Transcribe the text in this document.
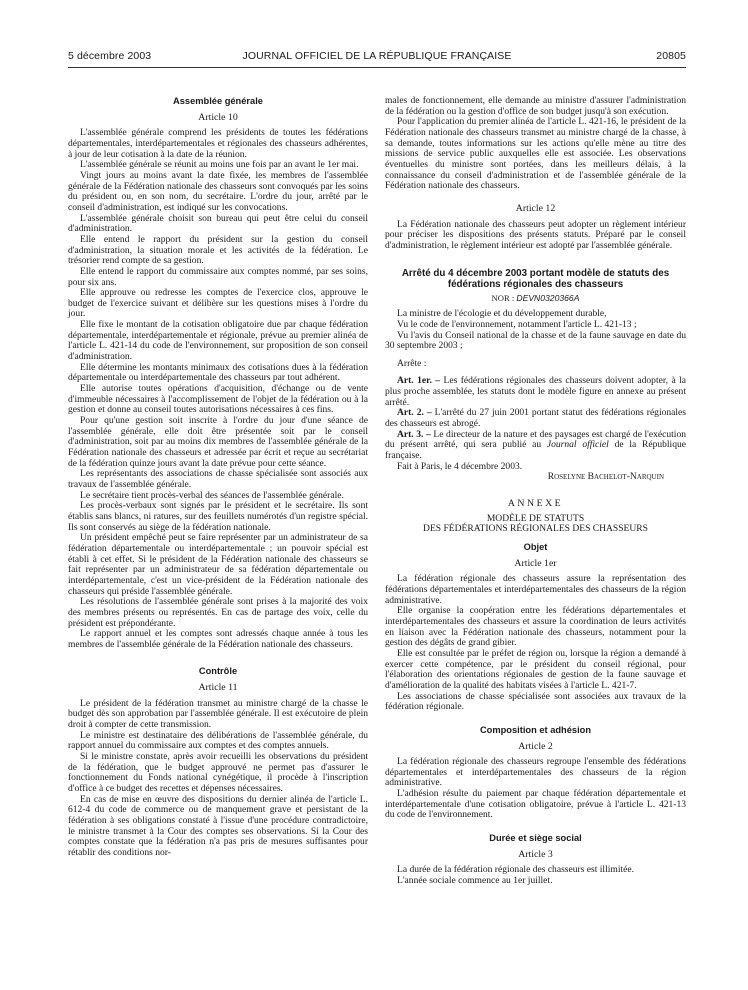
5 décembre 2003	JOURNAL OFFICIEL DE LA RÉPUBLIQUE FRANÇAISE	20805
Assemblée générale
Article 10

L'assemblée générale comprend les présidents de toutes les fédérations départementales, interdépartementales et régionales des chasseurs adhérentes, à jour de leur cotisation à la date de la réunion.

L'assemblée générale se réunit au moins une fois par an avant le 1er mai.

Vingt jours au moins avant la date fixée, les membres de l'assemblée générale de la Fédération nationale des chasseurs sont convoqués par les soins du président ou, en son nom, du secrétaire. L'ordre du jour, arrêté par le conseil d'administration, est indiqué sur les convocations.

L'assemblée générale choisit son bureau qui peut être celui du conseil d'administration.

Elle entend le rapport du président sur la gestion du conseil d'administration, la situation morale et les activités de la fédération. Le trésorier rend compte de sa gestion.

Elle entend le rapport du commissaire aux comptes nommé, par ses soins, pour six ans.

Elle approuve ou redresse les comptes de l'exercice clos, approuve le budget de l'exercice suivant et délibère sur les questions mises à l'ordre du jour.

Elle fixe le montant de la cotisation obligatoire due par chaque fédération départementale, interdépartementale et régionale, prévue au premier alinéa de l'article L. 421-14 du code de l'environnement, sur proposition de son conseil d'administration.

Elle détermine les montants minimaux des cotisations dues à la fédération départementale ou interdépartementale des chasseurs par tout adhérent.

Elle autorise toutes opérations d'acquisition, d'échange ou de vente d'immeuble nécessaires à l'accomplissement de l'objet de la fédération ou à la gestion et donne au conseil toutes autorisations nécessaires à ces fins.

Pour qu'une gestion soit inscrite à l'ordre du jour d'une séance de l'assemblée générale, elle doit être présentée soit par le conseil d'administration, soit par au moins dix membres de l'assemblée générale de la Fédération nationale des chasseurs et adressée par écrit et reçue au secrétariat de la fédération quinze jours avant la date prévue pour cette séance.

Les représentants des associations de chasse spécialisée sont associés aux travaux de l'assemblée générale.

Le secrétaire tient procès-verbal des séances de l'assemblée générale.

Les procès-verbaux sont signés par le président et le secrétaire. Ils sont établis sans blancs, ni ratures, sur des feuillets numérotés d'un registre spécial. Ils sont conservés au siège de la fédération nationale.

Un président empêché peut se faire représenter par un administrateur de sa fédération départementale ou interdépartementale ; un pouvoir spécial est établi à cet effet. Si le président de la Fédération nationale des chasseurs se fait représenter par un administrateur de sa fédération départementale ou interdépartementale, c'est un vice-président de la Fédération nationale des chasseurs qui préside l'assemblée générale.

Les résolutions de l'assemblée générale sont prises à la majorité des voix des membres présents ou représentés. En cas de partage des voix, celle du président est prépondérante.

Le rapport annuel et les comptes sont adressés chaque année à tous les membres de l'assemblée générale de la Fédération nationale des chasseurs.

Contrôle
Article 11

Le président de la fédération transmet au ministre chargé de la chasse le budget dès son approbation par l'assemblée générale. Il est exécutoire de plein droit à compter de cette transmission.

Le ministre est destinataire des délibérations de l'assemblée générale, du rapport annuel du commissaire aux comptes et des comptes annuels.

Si le ministre constate, après avoir recueilli les observations du président de la fédération, que le budget approuvé ne permet pas d'assurer le fonctionnement du Fonds national cynégétique, il procède à l'inscription d'office à ce budget des recettes et dépenses nécessaires.

En cas de mise en œuvre des dispositions du dernier alinéa de l'article L. 612-4 du code de commerce ou de manquement grave et persistant de la fédération à ses obligations constaté à l'issue d'une procédure contradictoire, le ministre transmet à la Cour des comptes ses observations. Si la Cour des comptes constate que la fédération n'a pas pris de mesures suffisantes pour rétablir des conditions nor-

males de fonctionnement, elle demande au ministre d'assurer l'administration de la fédération ou la gestion d'office de son budget jusqu'à son exécution.

Pour l'application du premier alinéa de l'article L. 421-16, le président de la Fédération nationale des chasseurs transmet au ministre chargé de la chasse, à sa demande, toutes informations sur les actions qu'elle mène au titre des missions de service public auxquelles elle est associée. Les observations éventuelles du ministre sont portées, dans les meilleurs délais, à la connaissance du conseil d'administration et de l'assemblée générale de la Fédération nationale des chasseurs.

Article 12

La Fédération nationale des chasseurs peut adopter un règlement intérieur pour préciser les dispositions des présents statuts. Préparé par le conseil d'administration, le règlement intérieur est adopté par l'assemblée générale.

Arrêté du 4 décembre 2003 portant modèle de statuts des fédérations régionales des chasseurs
NOR : DEVN0320366A

La ministre de l'écologie et du développement durable,

Vu le code de l'environnement, notamment l'article L. 421-13 ;

Vu l'avis du Conseil national de la chasse et de la faune sauvage en date du 30 septembre 2003 ;

Arrête :

Art. 1er. – Les fédérations régionales des chasseurs doivent adopter, à la plus proche assemblée, les statuts dont le modèle figure en annexe au présent arrêté.

Art. 2. – L'arrêté du 27 juin 2001 portant statut des fédérations régionales des chasseurs est abrogé.

Art. 3. – Le directeur de la nature et des paysages est chargé de l'exécution du présent arrêté, qui sera publié au Journal officiel de la République française.

Fait à Paris, le 4 décembre 2003.

Roselyne Bachelot-Narquin
ANNEXE
MODÈLE DE STATUTS
DES FÉDÉRATIONS RÉGIONALES DES CHASSEURS
Objet
Article 1er

La fédération régionale des chasseurs assure la représentation des fédérations départementales et interdépartementales des chasseurs de la région administrative.

Elle organise la coopération entre les fédérations départementales et interdépartementales des chasseurs et assure la coordination de leurs activités en liaison avec la Fédération nationale des chasseurs, notamment pour la gestion des dégâts de grand gibier.

Elle est consultée par le préfet de région ou, lorsque la région a demandé à exercer cette compétence, par le président du conseil régional, pour l'élaboration des orientations régionales de gestion de la faune sauvage et d'amélioration de la qualité des habitats visées à l'article L. 421-7.

Les associations de chasse spécialisée sont associées aux travaux de la fédération régionale.

Composition et adhésion
Article 2

La fédération régionale des chasseurs regroupe l'ensemble des fédérations départementales et interdépartementales des chasseurs de la région administrative.

L'adhésion résulte du paiement par chaque fédération départementale et interdépartementale d'une cotisation obligatoire, prévue à l'article L. 421-13 du code de l'environnement.

Durée et siège social
Article 3

La durée de la fédération régionale des chasseurs est illimitée.

L'année sociale commence au 1er juillet.
